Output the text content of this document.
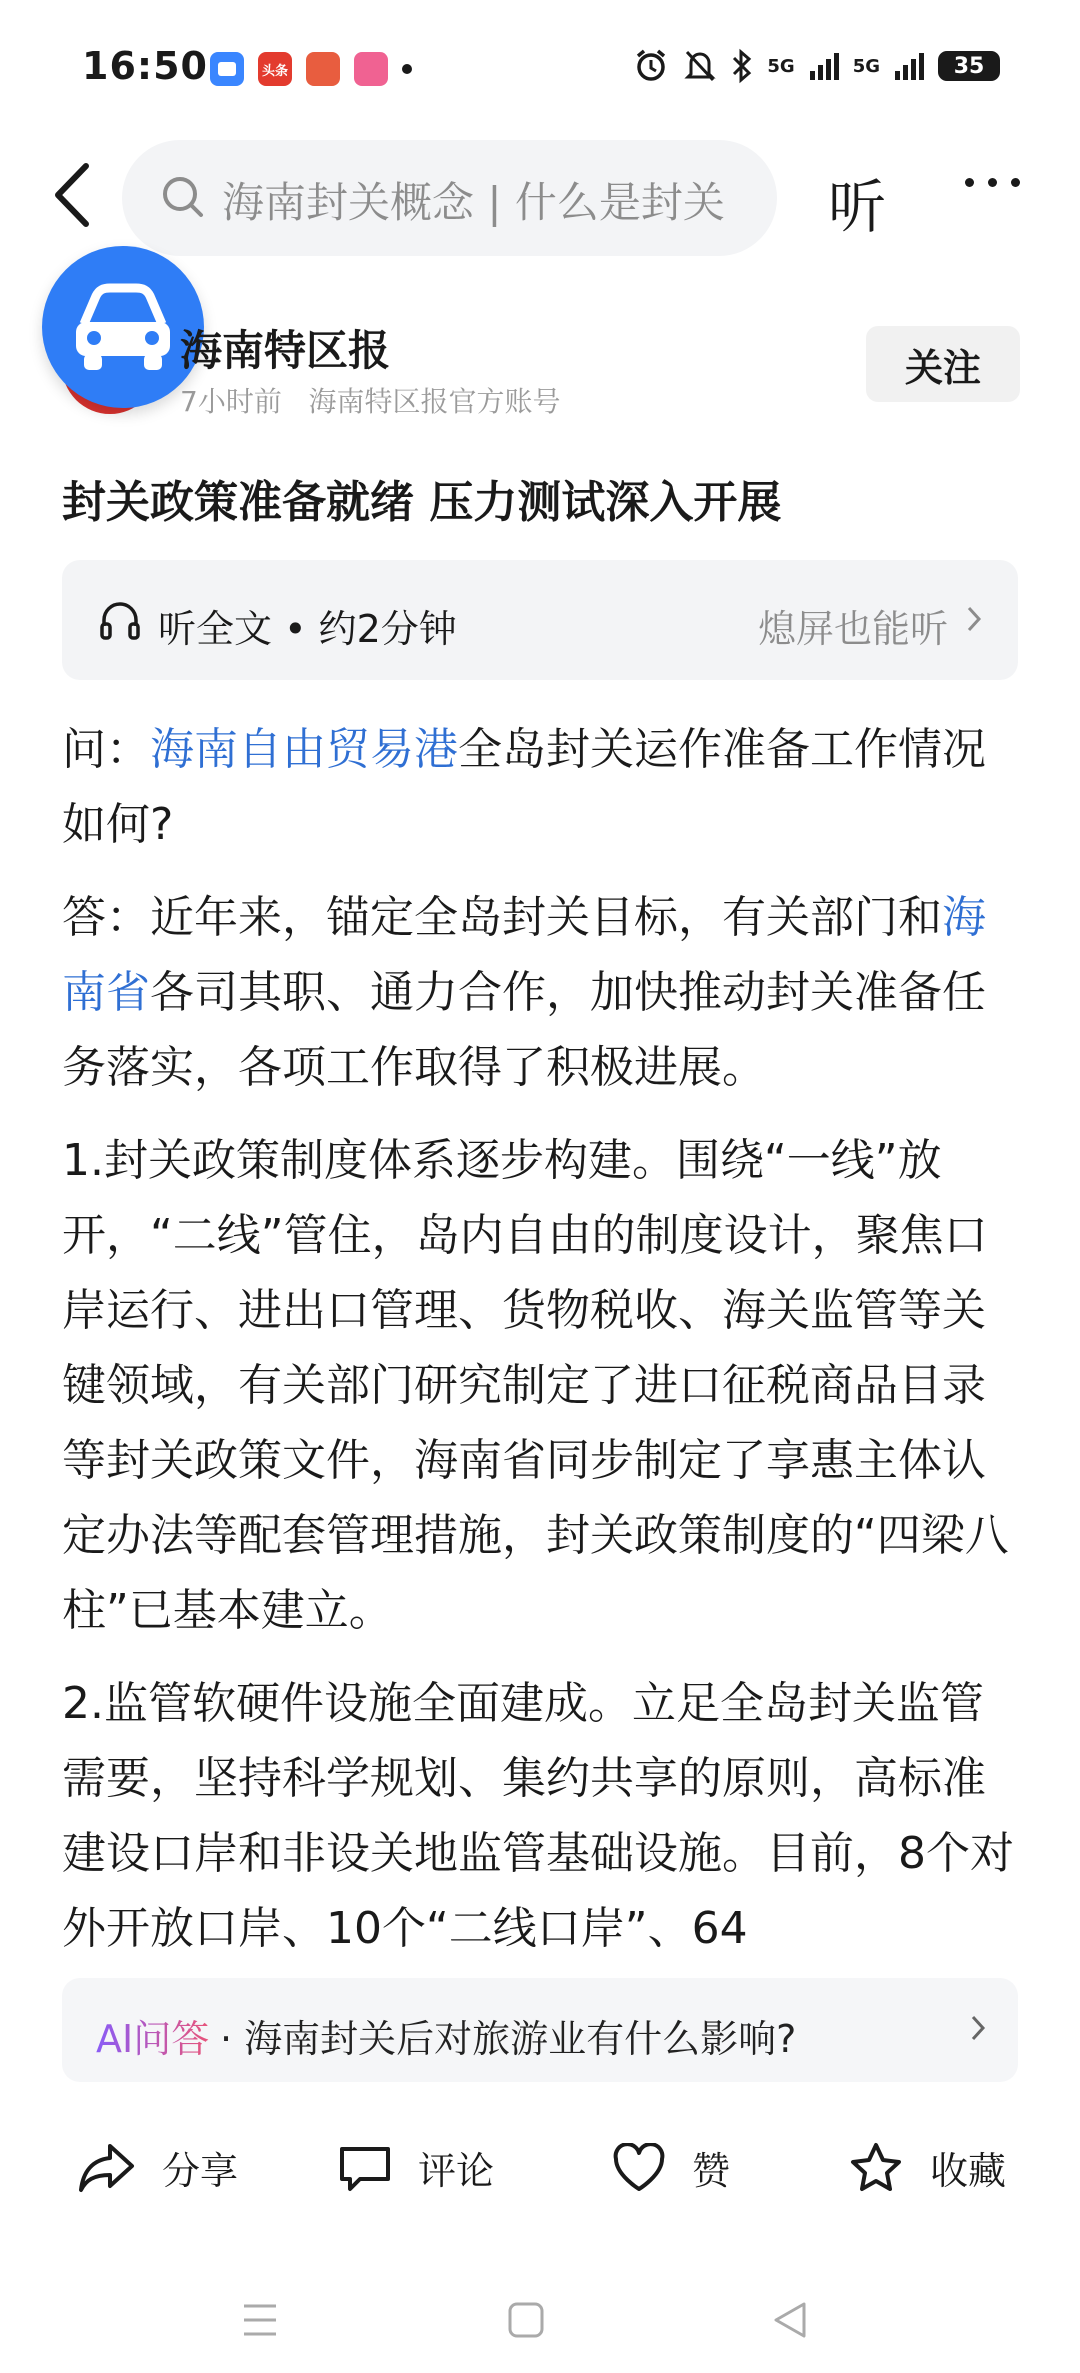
16:50	头条	5G	5G	35
海南封关概念 | 什么是封关 听
海南特区报
7小时前 海南特区报官方账号
关注
封关政策准备就绪 压力测试深入开展
听全文 • 约2分钟	熄屏也能听

问：海南自由贸易港全岛封关运作准备工作情况如何?

答：近年来，锚定全岛封关目标，有关部门和海南省各司其职、通力合作，加快推动封关准备任务落实，各项工作取得了积极进展。

1.封关政策制度体系逐步构建。围绕“一线”放开，“二线”管住，岛内自由的制度设计，聚焦口岸运行、进出口管理、货物税收、海关监管等关键领域，有关部门研究制定了进口征税商品目录等封关政策文件，海南省同步制定了享惠主体认定办法等配套管理措施，封关政策制度的“四梁八柱”已基本建立。

2.监管软硬件设施全面建成。立足全岛封关监管需要，坚持科学规划、集约共享的原则，高标准建设口岸和非设关地监管基础设施。目前，8个对外开放口岸、10个“二线口岸”、64

AI问答 · 海南封关后对旅游业有什么影响?
分享	评论	赞	收藏
